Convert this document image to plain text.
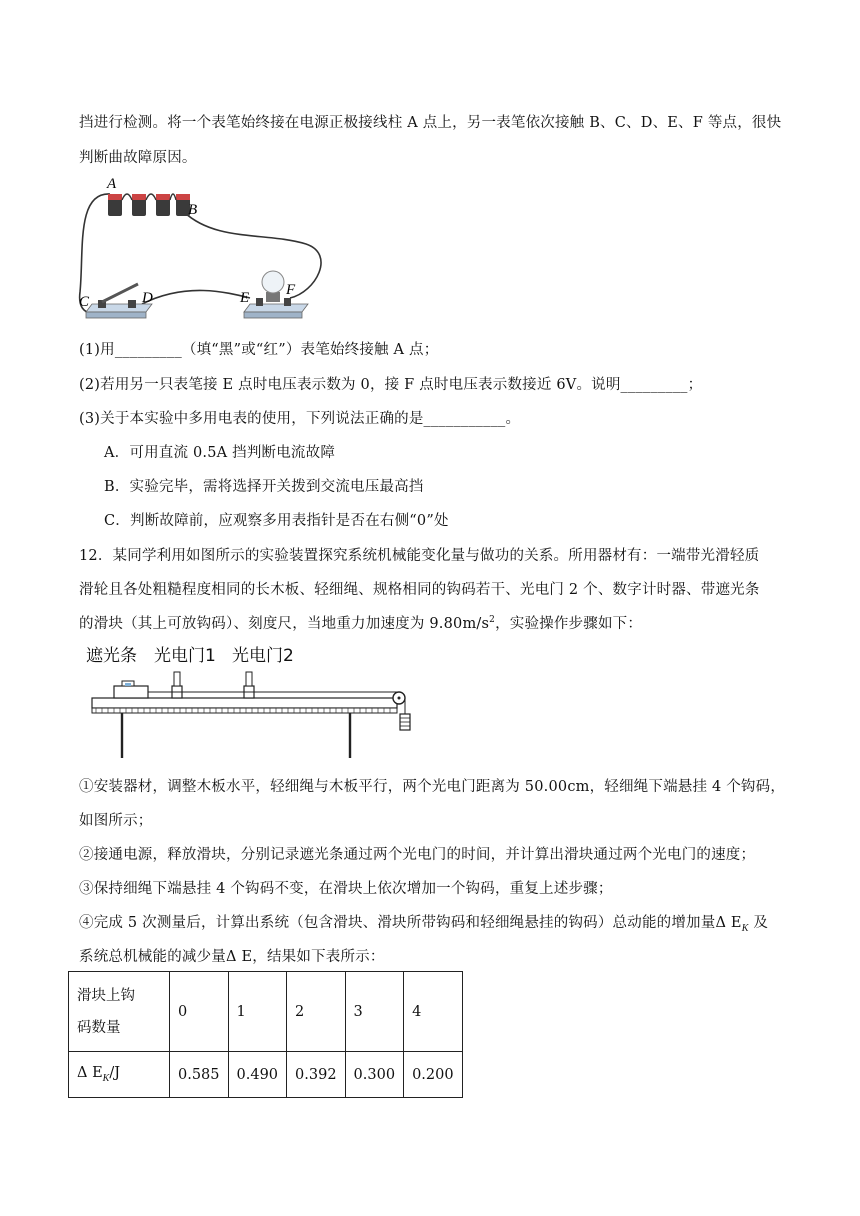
挡进行检测。将一个表笔始终接在电源正极接线柱 A 点上，另一表笔依次接触 B、C、D、E、F 等点，很快
判断曲故障原因。
A
B
C	D	E F
(1)用_________（填“黑”或“红”）表笔始终接触 A 点；
(2)若用另一只表笔接 E 点时电压表示数为 0，接 F 点时电压表示数接近 6V。说明_________；
(3)关于本实验中多用电表的使用，下列说法正确的是___________。
A．可用直流 0.5A 挡判断电流故障
B．实验完毕，需将选择开关拨到交流电压最高挡
C．判断故障前，应观察多用表指针是否在右侧“0”处
12．某同学利用如图所示的实验装置探究系统机械能变化量与做功的关系。所用器材有：一端带光滑轻质
滑轮且各处粗糙程度相同的长木板、轻细绳、规格相同的钩码若干、光电门 2 个、数字计时器、带遮光条
的滑块（其上可放钩码）、刻度尺，当地重力加速度为 $9.80m/s^2$，实验操作步骤如下：
遮光条 光电门1 光电门2
①安装器材，调整木板水平，轻细绳与木板平行，两个光电门距离为 50.00cm，轻细绳下端悬挂 4 个钩码，
如图所示；
②接通电源，释放滑块，分别记录遮光条通过两个光电门的时间，并计算出滑块通过两个光电门的速度；
③保持细绳下端悬挂 4 个钩码不变，在滑块上依次增加一个钩码，重复上述步骤；
④完成 5 次测量后，计算出系统（包含滑块、滑块所带钩码和轻细绳悬挂的钩码）总动能的增加量Δ $E_K$ 及
系统总机械能的减少量Δ E，结果如下表所示：
滑块上钩
码数量	0	1	2	3	4
Δ $E_K/J$	0.585	0.490	0.392	0.300	0.200
